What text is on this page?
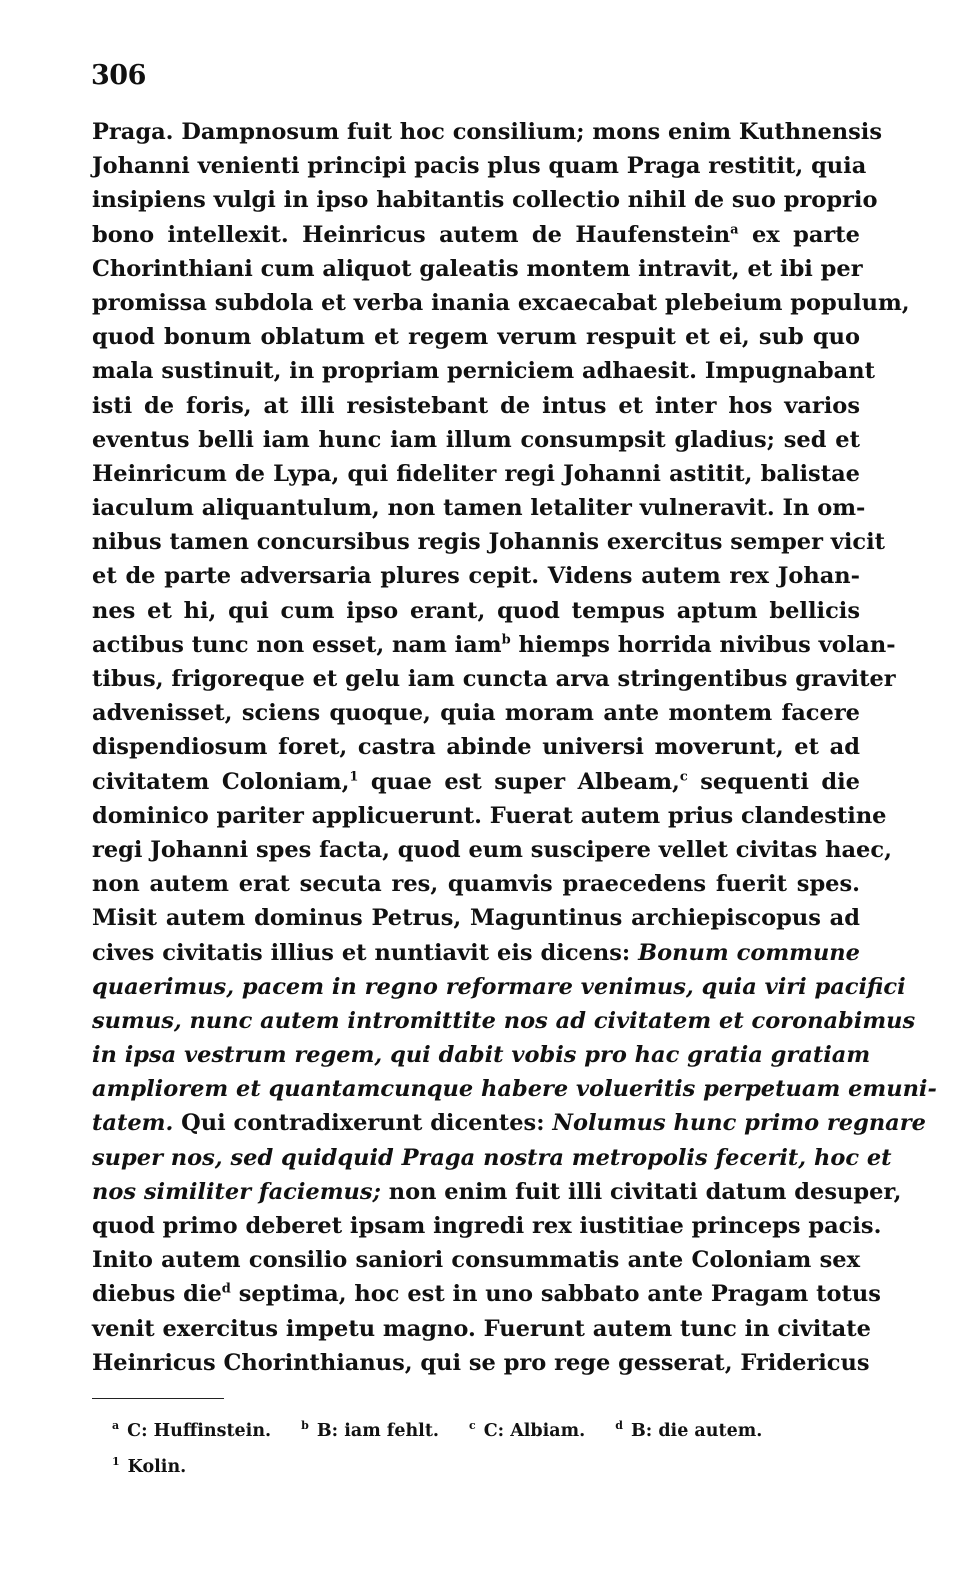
306
Praga. Dampnosum fuit hoc consilium; mons enim Kuthnensis
Johanni venienti principi pacis plus quam Praga restitit, quia
insipiens vulgi in ipso habitantis collectio nihil de suo proprio
bono intellexit. Heinricus autem de Haufenstein$^a$ ex parte
Chorinthiani cum aliquot galeatis montem intravit, et ibi per
promissa subdola et verba inania excaecabat plebeium populum,
quod bonum oblatum et regem verum respuit et ei, sub quo
mala sustinuit, in propriam perniciem adhaesit. Impugnabant
isti de foris, at illi resistebant de intus et inter hos varios
eventus belli iam hunc iam illum consumpsit gladius; sed et
Heinricum de Lypa, qui fideliter regi Johanni astitit, balistae
iaculum aliquantulum, non tamen letaliter vulneravit. In om-
nibus tamen concursibus regis Johannis exercitus semper vicit
et de parte adversaria plures cepit. Videns autem rex Johan-
nes et hi, qui cum ipso erant, quod tempus aptum bellicis
actibus tunc non esset, nam iam$^b$ hiemps horrida nivibus volan-
tibus, frigoreque et gelu iam cuncta arva stringentibus graviter
advenisset, sciens quoque, quia moram ante montem facere
dispendiosum foret, castra abinde universi moverunt, et ad
civitatem Coloniam,$^1$ quae est super Albeam,$^c$ sequenti die
dominico pariter applicuerunt. Fuerat autem prius clandestine
regi Johanni spes facta, quod eum suscipere vellet civitas haec,
non autem erat secuta res, quamvis praecedens fuerit spes.
Misit autem dominus Petrus, Maguntinus archiepiscopus ad
cives civitatis illius et nuntiavit eis dicens: Bonum commune
quaerimus, pacem in regno reformare venimus, quia viri pacifici
sumus, nunc autem intromittite nos ad civitatem et coronabimus
in ipsa vestrum regem, qui dabit vobis pro hac gratia gratiam
ampliorem et quantamcunque habere volueritis perpetuam emuni-
tatem. Qui contradixerunt dicentes: Nolumus hunc primo regnare
super nos, sed quidquid Praga nostra metropolis fecerit, hoc et
nos similiter faciemus; non enim fuit illi civitati datum desuper,
quod primo deberet ipsam ingredi rex iustitiae princeps pacis.
Inito autem consilio saniori consummatis ante Coloniam sex
diebus die$^d$ septima, hoc est in uno sabbato ante Pragam totus
venit exercitus impetu magno. Fuerunt autem tunc in civitate
Heinricus Chorinthianus, qui se pro rege gesserat, Fridericus
$^a$ C: Huffinstein.	$^b$ B: iam fehlt.	$^c$ C: Albiam.	$^d$ B: die autem.
$^1$ Kolin.
